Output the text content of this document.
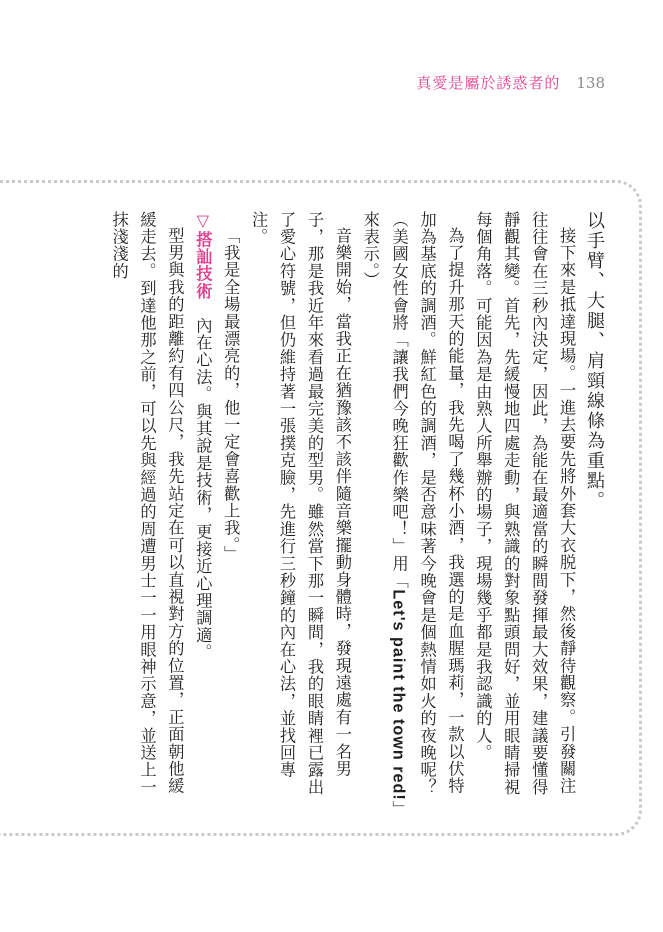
真愛是屬於誘惑者的 138

以手臂、大腿、肩頸線條為重點。

接下來是抵達現場。一進去要先將外套大衣脱下，然後靜待觀察。引發關注往往會在三秒內決定，因此，為能在最適當的瞬間發揮最大效果，建議要懂得靜觀其變。首先，先緩慢地四處走動，與熟識的對象點頭問好，並用眼睛掃視每個角落。可能因為是由熟人所舉辦的場子，現場幾乎都是我認識的人。

為了提升那天的能量，我先喝了幾杯小酒，我選的是血腥瑪莉，一款以伏特加為基底的調酒。鮮紅色的調酒，是否意味著今晚會是個熱情如火的夜晚呢？（美國女性會將「讓我們今晚狂歡作樂吧！」用「Let's paint the town red!」來表示。）

音樂開始，當我正在猶豫該不該伴隨音樂擺動身體時，發現遠處有一名男子，那是我近年來看過最完美的型男。雖然當下那一瞬間，我的眼睛裡已露出了愛心符號，但仍維持著一張撲克臉，先進行三秒鐘的內在心法，並找回專注。

「我是全場最漂亮的，他一定會喜歡上我。」

▽搭訕技術　內在心法。與其說是技術，更接近心理調適。

型男與我的距離約有四公尺，我先站定在可以直視對方的位置，正面朝他緩緩走去。到達他那之前，可以先與經過的周遭男士一一用眼神示意，並送上一抹淺淺的
